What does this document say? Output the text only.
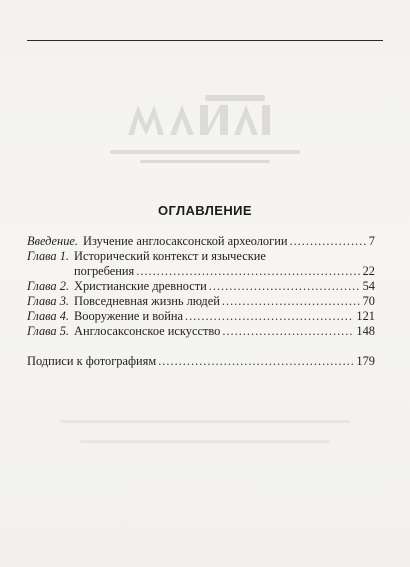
ОГЛАВЛЕНИЕ
Введение. Изучение англосаксонской археологии .....	7
Глава 1. Исторический контекст и языческие
погребения .....	22
Глава 2. Христианские древности .....	54
Глава 3. Повседневная жизнь людей .....	70
Глава 4. Вооружение и война .....	121
Глава 5. Англосаксонское искусство .....	148
Подписи к фотографиям .....	179
